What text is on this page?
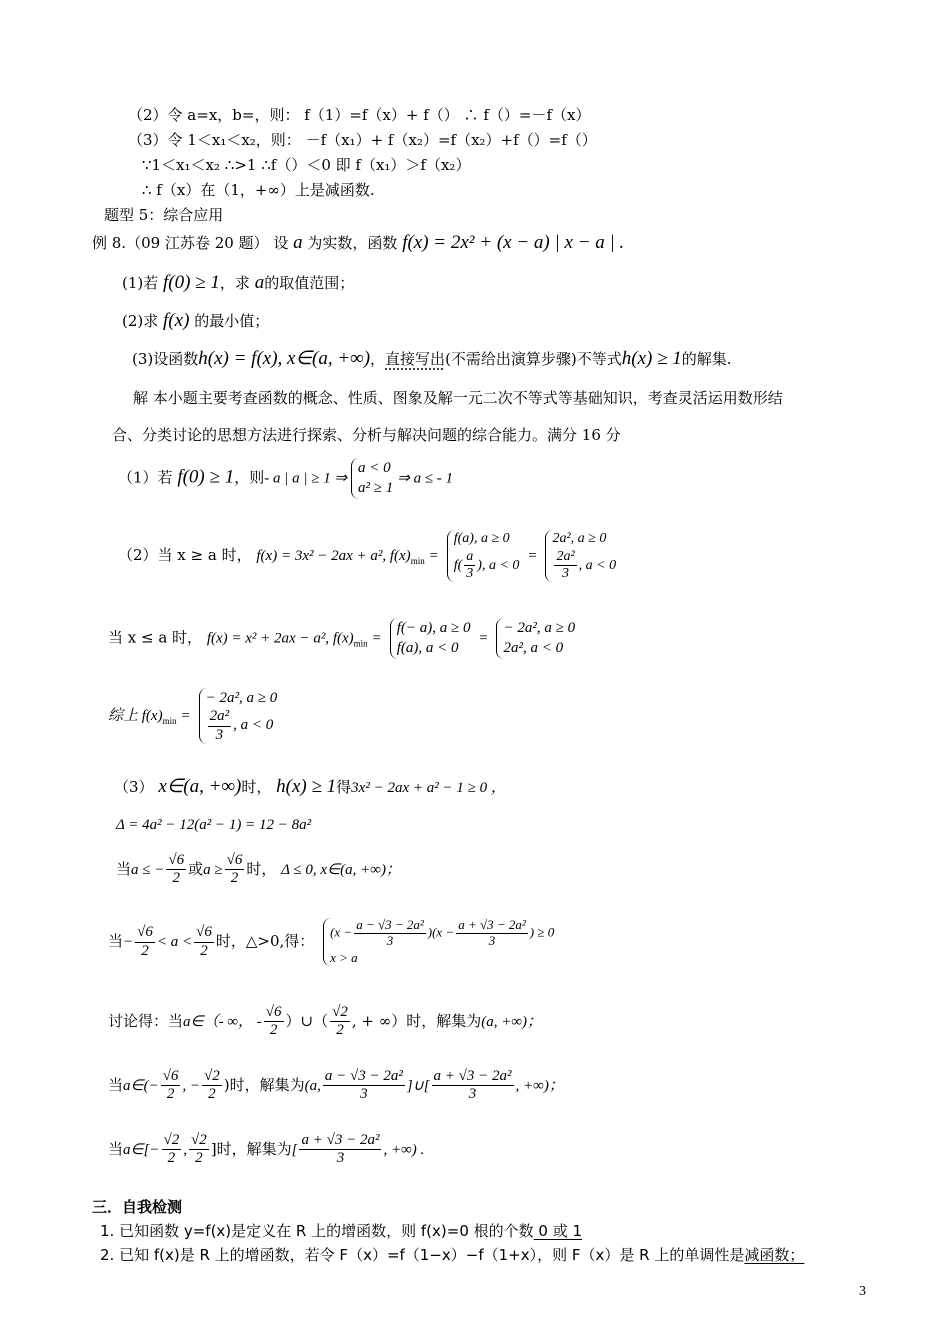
（2）令 a=x，b=，则： f（1）=f（x）+ f（） ∴ f（）=－f（x）
（3）令 1＜x₁＜x₂，则： －f（x₁）+ f（x₂）=f（x₂）+f（）=f（）
∵1＜x₁＜x₂ ∴>1 ∴f（）＜0 即 f（x₁）＞f（x₂）
∴ f（x）在（1，+∞）上是减函数.
题型 5：综合应用
例 8.（09 江苏卷 20 题） 设 a 为实数，函数 f(x) = 2x² + (x − a) | x − a | .
(1)若 f(0) ≥ 1，求 a的取值范围；
(2)求 f(x) 的最小值；
(3)设函数h(x) = f(x), x∈(a, +∞)，直接写出(不需给出演算步骤)不等式h(x) ≥ 1的解集.
解 本小题主要考查函数的概念、性质、图象及解一元二次不等式等基础知识，考查灵活运用数形结
合、分类讨论的思想方法进行探索、分析与解决问题的综合能力。满分 16 分
（1）若 f(0) ≥ 1，则- a | a | ≥ 1 ⇒
a < 0
a² ≥ 1
⇒ a ≤ - 1
（2）当 x ≥ a 时， f(x) = 3x² − 2ax + a², $f(x)_{min}$ =
f(a), a ≥ 0
$f( \frac{a}{3}$ ), a < 0
=
2a², a ≥ 0
$\frac{\text{2a²}}{3}$ , a < 0
当 x ≤ a 时， f(x) = x² + 2ax − a², $f(x)_{min}$ =
f(− a), a ≥ 0
f(a), a < 0
=
− 2a², a ≥ 0
2a², a < 0
综上 $f(x)_{min}$ =
− 2a², a ≥ 0
$\frac{\text{2a²}}{3}$ , a < 0
（3） x∈(a, +∞)时， h(x) ≥ 1得3x² − 2ax + a² − 1 ≥ 0 ，
Δ = 4a² − 12(a² − 1) = 12 − 8a²
当a ≤ − $\frac{√6}{2}$ 或$a \ge \frac{√6}{2}$ 时， Δ ≤ 0, x∈(a, +∞)；
当− $\frac{√6}{2} < a < \frac{√6}{2}$ 时，△>0,得：
$(x - \frac{\text{a − √3 − 2a²}}{3} )(x - \frac{\text{a + √3 − 2a²}}{3}$ ) ≥ 0
x > a
讨论得：当a∈（- ∞， - $\frac{√6}{2}$ ）∪（ $\frac{√2}{2}$ , + ∞）时，解集为(a, +∞)；
当a∈(− $\frac{√6}{2}$ , − $\frac{√2}{2}$ )时，解集为(a, $\frac{\text{a − √3 − 2a²}}{3}$ ]∪[ $\frac{\text{a + √3 − 2a²}}{3}$ , +∞)；
当a∈[− $\frac{√2}{2}$ , $\frac{√2}{2}$ ]时，解集为[ $\frac{\text{a + √3 − 2a²}}{3}$ , +∞) .
三．自我检测
1. 已知函数 y=f(x)是定义在 R 上的增函数，则 f(x)=0 根的个数 0 或 1
2. 已知 f(x)是 R 上的增函数，若令 F（x）=f（1−x）−f（1+x），则 F（x）是 R 上的单调性是减函数；
3
